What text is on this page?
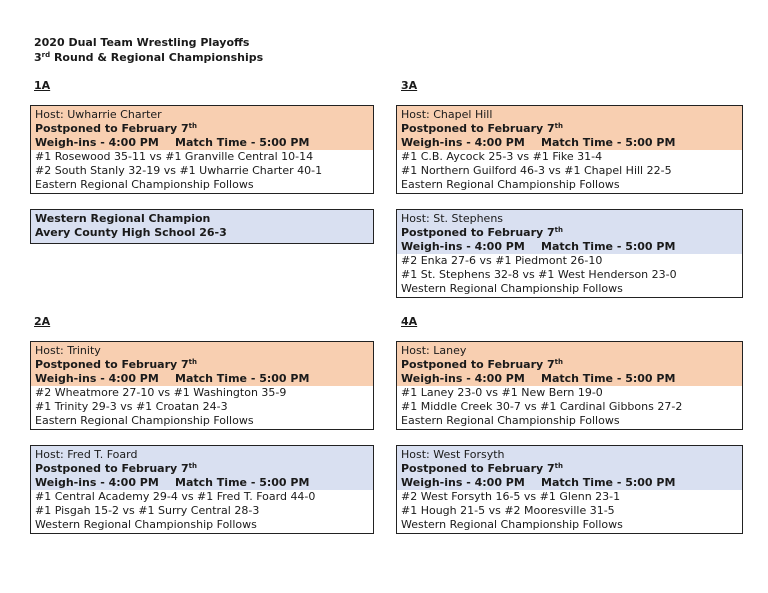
2020 Dual Team Wrestling Playoffs
3rd Round & Regional Championships
1A
Host: Uwharrie Charter
Postponed to February 7th
Weigh-ins - 4:00 PM	Match Time - 5:00 PM
#1 Rosewood 35-11 vs #1 Granville Central 10-14
#2 South Stanly 32-19 vs #1 Uwharrie Charter 40-1
Eastern Regional Championship Follows
Western Regional Champion
Avery County High School 26-3
3A
Host: Chapel Hill
Postponed to February 7th
Weigh-ins - 4:00 PM	Match Time - 5:00 PM
#1 C.B. Aycock 25-3 vs #1 Fike 31-4
#1 Northern Guilford 46-3 vs #1 Chapel Hill 22-5
Eastern Regional Championship Follows
Host: St. Stephens
Postponed to February 7th
Weigh-ins - 4:00 PM	Match Time - 5:00 PM
#2 Enka 27-6 vs #1 Piedmont 26-10
#1 St. Stephens 32-8 vs #1 West Henderson 23-0
Western Regional Championship Follows
2A
Host: Trinity
Postponed to February 7th
Weigh-ins - 4:00 PM	Match Time - 5:00 PM
#2 Wheatmore 27-10 vs #1 Washington 35-9
#1 Trinity 29-3 vs #1 Croatan 24-3
Eastern Regional Championship Follows
Host: Fred T. Foard
Postponed to February 7th
Weigh-ins - 4:00 PM	Match Time - 5:00 PM
#1 Central Academy 29-4 vs #1 Fred T. Foard 44-0
#1 Pisgah 15-2 vs #1 Surry Central 28-3
Western Regional Championship Follows
4A
Host: Laney
Postponed to February 7th
Weigh-ins - 4:00 PM	Match Time - 5:00 PM
#1 Laney 23-0 vs #1 New Bern 19-0
#1 Middle Creek 30-7 vs #1 Cardinal Gibbons 27-2
Eastern Regional Championship Follows
Host: West Forsyth
Postponed to February 7th
Weigh-ins - 4:00 PM	Match Time - 5:00 PM
#2 West Forsyth 16-5 vs #1 Glenn 23-1
#1 Hough 21-5 vs #2 Mooresville 31-5
Western Regional Championship Follows
